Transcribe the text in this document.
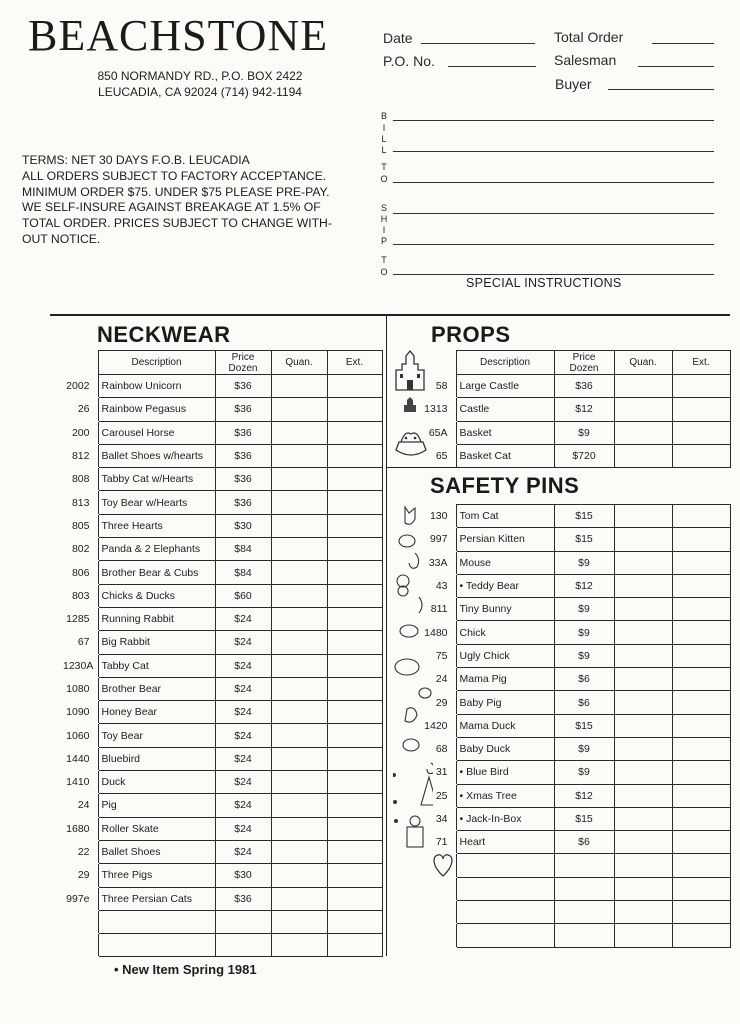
BEACHSTONE
850 NORMANDY RD., P.O. BOX 2422
LEUCADIA, CA 92024 (714) 942-1194
TERMS: NET 30 DAYS F.O.B. LEUCADIA
ALL ORDERS SUBJECT TO FACTORY ACCEPTANCE.
MINIMUM ORDER $75. UNDER $75 PLEASE PRE-PAY.
WE SELF-INSURE AGAINST BREAKAGE AT 1.5% OF
TOTAL ORDER. PRICES SUBJECT TO CHANGE WITH-
OUT NOTICE.
Date
P.O. No.
Total Order
Salesman
Buyer
B
I
L
L
T
O
S
H
I
P
T
O
SPECIAL INSTRUCTIONS
NECKWEAR	PROPS
SAFETY PINS
	Description	Price Dozen	Quan.	Ext.
2002	Rainbow Unicorn	$36		
26	Rainbow Pegasus	$36		
200	Carousel Horse	$36		
812	Ballet Shoes w/hearts	$36		
808	Tabby Cat w/Hearts	$36		
813	Toy Bear w/Hearts	$36		
805	Three Hearts	$30		
802	Panda & 2 Elephants	$84		
806	Brother Bear & Cubs	$84		
803	Chicks & Ducks	$60		
1285	Running Rabbit	$24		
67	Big Rabbit	$24		
1230A	Tabby Cat	$24		
1080	Brother Bear	$24		
1090	Honey Bear	$24		
1060	Toy Bear	$24		
1440	Bluebird	$24		
1410	Duck	$24		
24	Pig	$24		
1680	Roller Skate	$24		
22	Ballet Shoes	$24		
29	Three Pigs	$30		
997e	Three Persian Cats	$36		

	Description	Price Dozen	Quan.	Ext.
58	Large Castle	$36		
1313	Castle	$12		
65A	Basket	$9		
65	Basket Cat	$720		
130	Tom Cat	$15		
997	Persian Kitten	$15		
33A	Mouse	$9		
43	• Teddy Bear	$12		
811	Tiny Bunny	$9		
1480	Chick	$9		
75	Ugly Chick	$9		
24	Mama Pig	$6		
29	Baby Pig	$6		
1420	Mama Duck	$15		
68	Baby Duck	$9		
31	• Blue Bird	$9		
25	• Xmas Tree	$12		
34	• Jack-In-Box	$15		
71	Heart	$6		

• New Item Spring 1981
